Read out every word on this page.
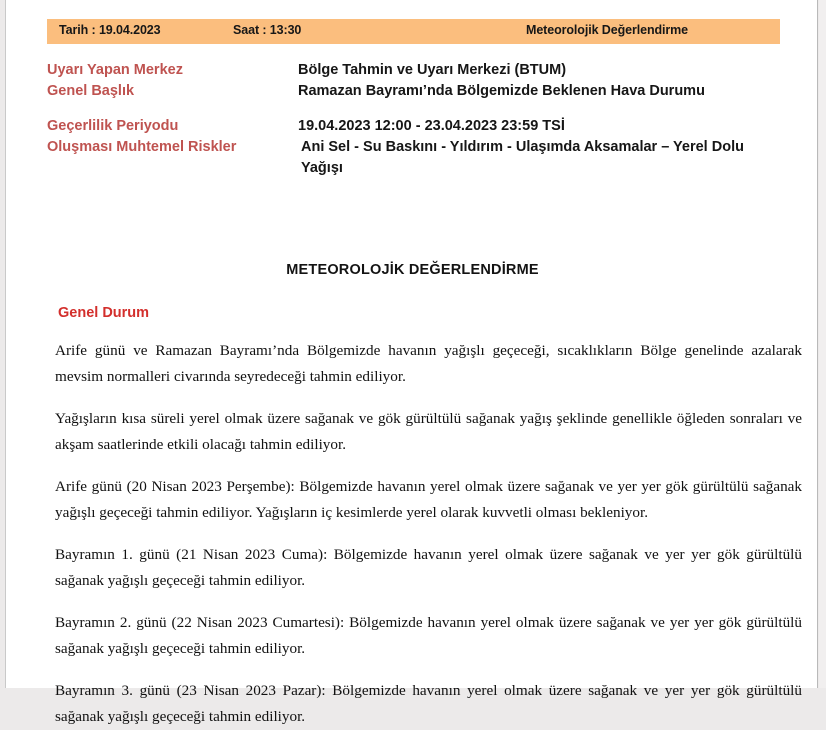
Tarih : 19.04.2023	Saat : 13:30	Meteorolojik Değerlendirme
Uyarı Yapan Merkez	Bölge Tahmin ve Uyarı Merkezi (BTUM)
Genel Başlık	Ramazan Bayramı’nda Bölgemizde Beklenen Hava Durumu
Geçerlilik Periyodu	19.04.2023 12:00 - 23.04.2023 23:59 TSİ
Oluşması Muhtemel Riskler	Ani Sel - Su Baskını - Yıldırım - Ulaşımda Aksamalar – Yerel Dolu Yağışı
METEOROLOJİK DEĞERLENDİRME
Genel Durum

Arife günü ve Ramazan Bayramı’nda Bölgemizde havanın yağışlı geçeceği, sıcaklıkların Bölge genelinde azalarak mevsim normalleri civarında seyredeceği tahmin ediliyor.

Yağışların kısa süreli yerel olmak üzere sağanak ve gök gürültülü sağanak yağış şeklinde genellikle öğleden sonraları ve akşam saatlerinde etkili olacağı tahmin ediliyor.

Arife günü (20 Nisan 2023 Perşembe): Bölgemizde havanın yerel olmak üzere sağanak ve yer yer gök gürültülü sağanak yağışlı geçeceği tahmin ediliyor. Yağışların iç kesimlerde yerel olarak kuvvetli olması bekleniyor.

Bayramın 1. günü (21 Nisan 2023 Cuma): Bölgemizde havanın yerel olmak üzere sağanak ve yer yer gök gürültülü sağanak yağışlı geçeceği tahmin ediliyor.

Bayramın 2. günü (22 Nisan 2023 Cumartesi): Bölgemizde havanın yerel olmak üzere sağanak ve yer yer gök gürültülü sağanak yağışlı geçeceği tahmin ediliyor.

Bayramın 3. günü (23 Nisan 2023 Pazar): Bölgemizde havanın yerel olmak üzere sağanak ve yer yer gök gürültülü sağanak yağışlı geçeceği tahmin ediliyor.
